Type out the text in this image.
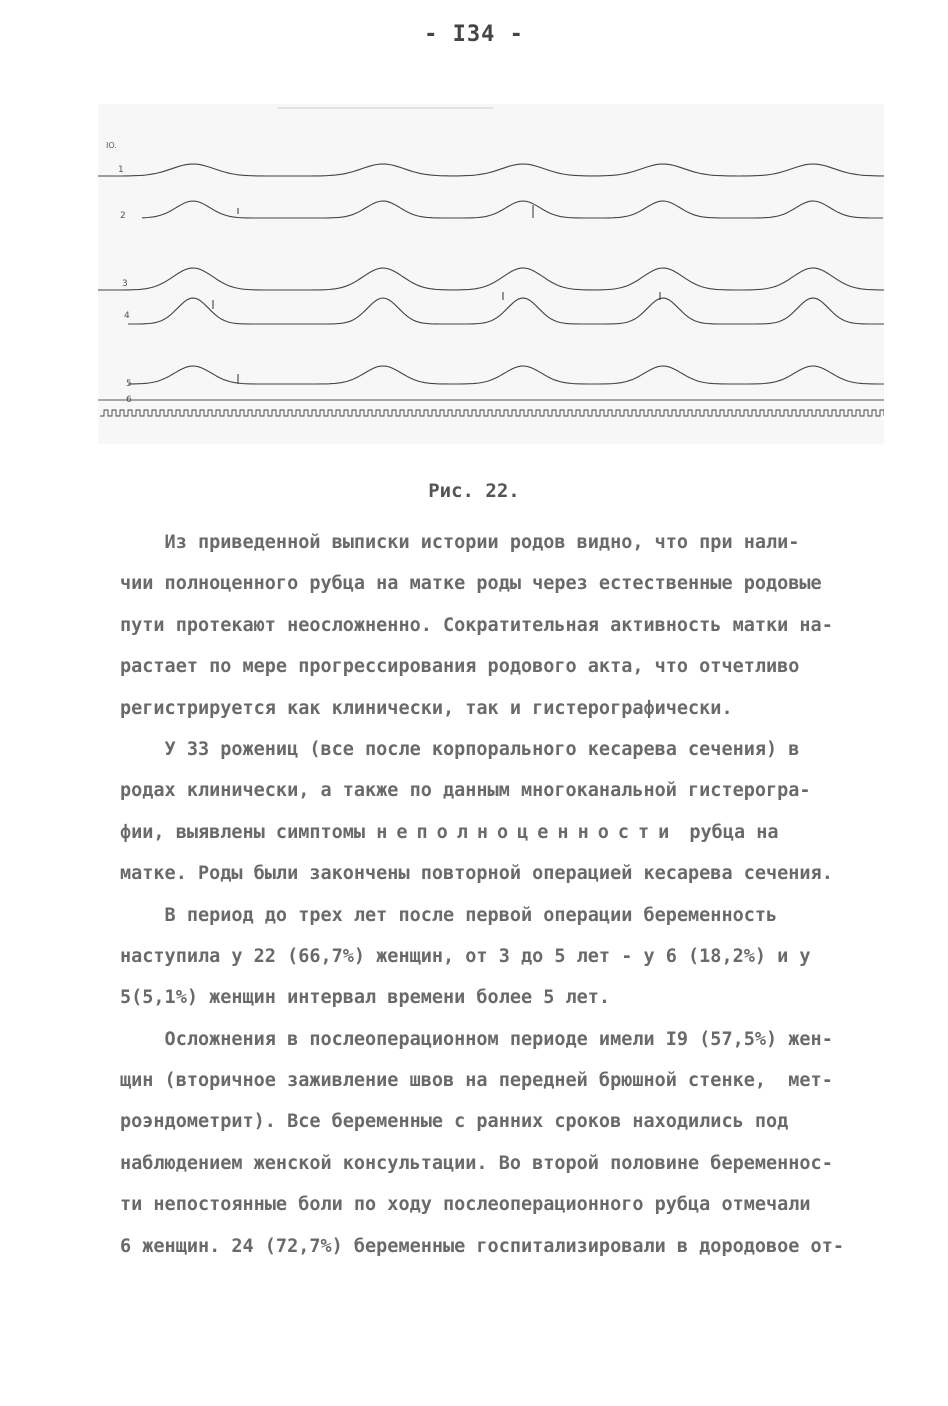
- I34 -
IO.
1
2
3
4
5
6
Рис. 22.
Из приведенной выписки истории родов видно, что при нали-
чии полноценного рубца на матке роды через естественные родовые
пути протекают неосложненно. Сократительная активность матки на-
растает по мере прогрессирования родового акта, что отчетливо
регистрируется как клинически, так и гистерографически.
У 33 рожениц (все после корпорального кесарева сечения) в
родах клинически, а также по данным многоканальной гистерогра-
фии, выявлены симптомы неполноценности рубца на
матке. Роды были закончены повторной операцией кесарева сечения.
В период до трех лет после первой операции беременность
наступила у 22 (66,7%) женщин, от 3 до 5 лет - у 6 (18,2%) и у
5(5,1%) женщин интервал времени более 5 лет.
Осложнения в послеоперационном периоде имели I9 (57,5%) жен-
щин (вторичное заживление швов на передней брюшной стенке,  мет-
роэндометрит). Все беременные с ранних сроков находились под
наблюдением женской консультации. Во второй половине беременнос-
ти непостоянные боли по ходу послеоперационного рубца отмечали
6 женщин. 24 (72,7%) беременные госпитализировали в дородовое от-
